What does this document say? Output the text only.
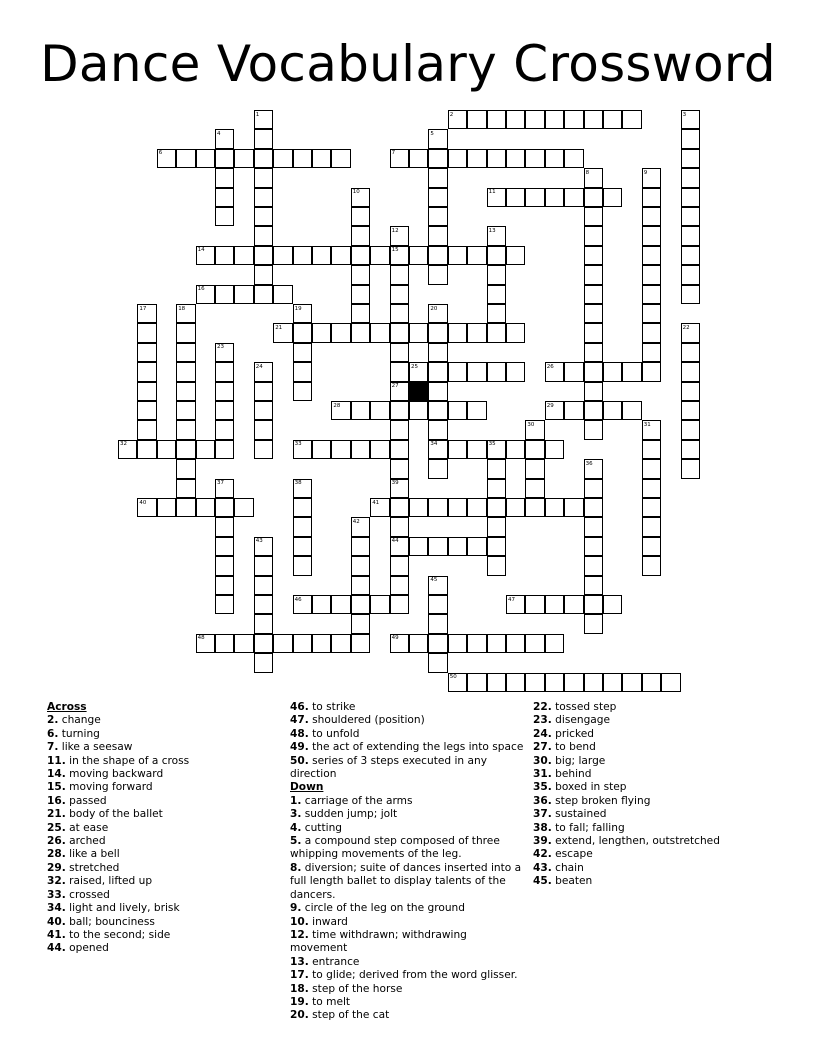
Dance Vocabulary Crossword
2
6	7
11
14	15
16
21
25	26
28	29
32	33	34	35
40	41
44
46	47
48	49
50
1	3
4	5
8	9
10
12
27
13
17	18	19	20
22
23
24
39
30	31
36
37	38
42
43
45
Across
2. change
6. turning
7. like a seesaw
11. in the shape of a cross
14. moving backward
15. moving forward
16. passed
21. body of the ballet
25. at ease
26. arched
28. like a bell
29. stretched
32. raised, lifted up
33. crossed
34. light and lively, brisk
40. ball; bounciness
41. to the second; side
44. opened
46. to strike
47. shouldered (position)
48. to unfold
49. the act of extending the legs into space
50. series of 3 steps executed in any direction
Down
1. carriage of the arms
3. sudden jump; jolt
4. cutting
5. a compound step composed of three whipping movements of the leg.
8. diversion; suite of dances inserted into a full length ballet to display talents of the dancers.
9. circle of the leg on the ground
10. inward
12. time withdrawn; withdrawing movement
13. entrance
17. to glide; derived from the word glisser.
18. step of the horse
19. to melt
20. step of the cat
22. tossed step
23. disengage
24. pricked
27. to bend
30. big; large
31. behind
35. boxed in step
36. step broken flying
37. sustained
38. to fall; falling
39. extend, lengthen, outstretched
42. escape
43. chain
45. beaten
